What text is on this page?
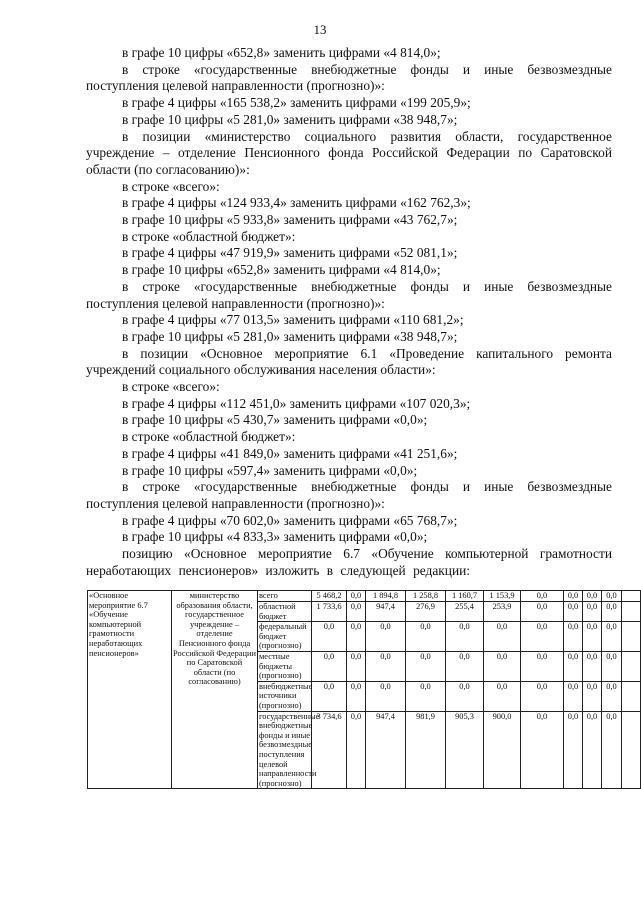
13

в графе 10 цифры «652,8» заменить цифрами «4 814,0»;

в строке «государственные внебюджетные фонды и иные безвозмездные поступления целевой направленности (прогнозно)»:

в графе 4 цифры «165 538,2» заменить цифрами «199 205,9»;

в графе 10 цифры «5 281,0» заменить цифрами «38 948,7»;

в позиции «министерство социального развития области, государственное учреждение – отделение Пенсионного фонда Российской Федерации по Саратовской области (по согласованию)»:

в строке «всего»:

в графе 4 цифры «124 933,4» заменить цифрами «162 762,3»;

в графе 10 цифры «5 933,8» заменить цифрами «43 762,7»;

в строке «областной бюджет»:

в графе 4 цифры «47 919,9» заменить цифрами «52 081,1»;

в графе 10 цифры «652,8» заменить цифрами «4 814,0»;

в строке «государственные внебюджетные фонды и иные безвозмездные поступления целевой направленности (прогнозно)»:

в графе 4 цифры «77 013,5» заменить цифрами «110 681,2»;

в графе 10 цифры «5 281,0» заменить цифрами «38 948,7»;

в позиции «Основное мероприятие 6.1 «Проведение капитального ремонта учреждений социального обслуживания населения области»:

в строке «всего»:

в графе 4 цифры «112 451,0» заменить цифрами «107 020,3»;

в графе 10 цифры «5 430,7» заменить цифрами «0,0»;

в строке «областной бюджет»:

в графе 4 цифры «41 849,0» заменить цифрами «41 251,6»;

в графе 10 цифры «597,4» заменить цифрами «0,0»;

в строке «государственные внебюджетные фонды и иные безвозмездные поступления целевой направленности (прогнозно)»:

в графе 4 цифры «70 602,0» заменить цифрами «65 768,7»;

в графе 10 цифры «4 833,3» заменить цифрами «0,0»;

позицию «Основное мероприятие 6.7 «Обучение компьютерной грамотности неработающих пенсионеров» изложить в следующей редакции:

«Основное мероприятие 6.7 «Обучение компьютерной грамотности неработающих пенсионеров»	министерство образования области, государственное учреждение – отделение Пенсионного фонда Российской Федерации по Саратовской области (по согласованию)	всего	5 468,2	0,0	1 894,8	1 258,8	1 160,7	1 153,9	0,0	0,0	0,0	0,0	
		областной бюджет	1 733,6	0,0	947,4	276,9	255,4	253,9	0,0	0,0	0,0	0,0	
		федеральный бюджет (прогнозно)	0,0	0,0	0,0	0,0	0,0	0,0	0,0	0,0	0,0	0,0	
		местные бюджеты (прогнозно)	0,0	0,0	0,0	0,0	0,0	0,0	0,0	0,0	0,0	0,0	
		внебюджетные источники (прогнозно)	0,0	0,0	0,0	0,0	0,0	0,0	0,0	0,0	0,0	0,0	
		государственные внебюджетные фонды и иные безвозмездные поступления целевой направленности (прогнозно)	3 734,6	0,0	947,4	981,9	905,3	900,0	0,0	0,0	0,0	0,0	
